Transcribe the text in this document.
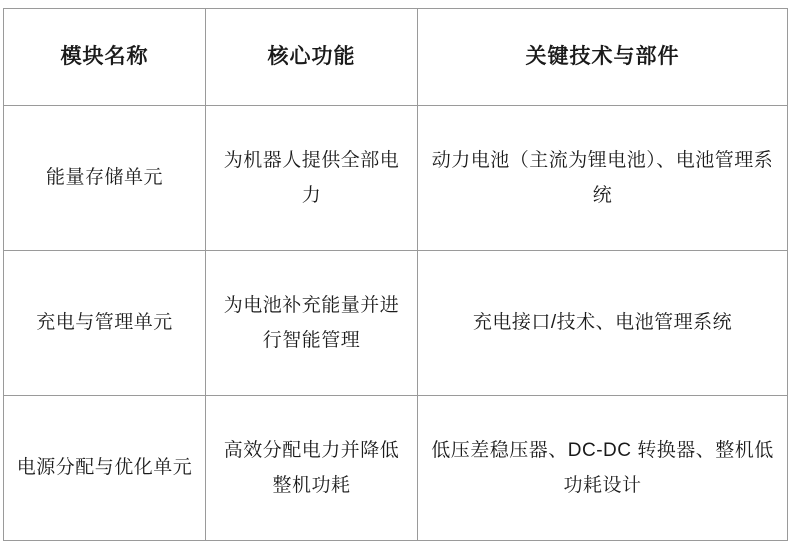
模块名称	核心功能	关键技术与部件
能量存储单元	为机器人提供全部电力	动力电池（主流为锂电池）、电池管理系统
充电与管理单元	为电池补充能量并进行智能管理	充电接口/技术、电池管理系统
电源分配与优化单元	高效分配电力并降低整机功耗	低压差稳压器、DC-DC 转换器、整机低功耗设计
